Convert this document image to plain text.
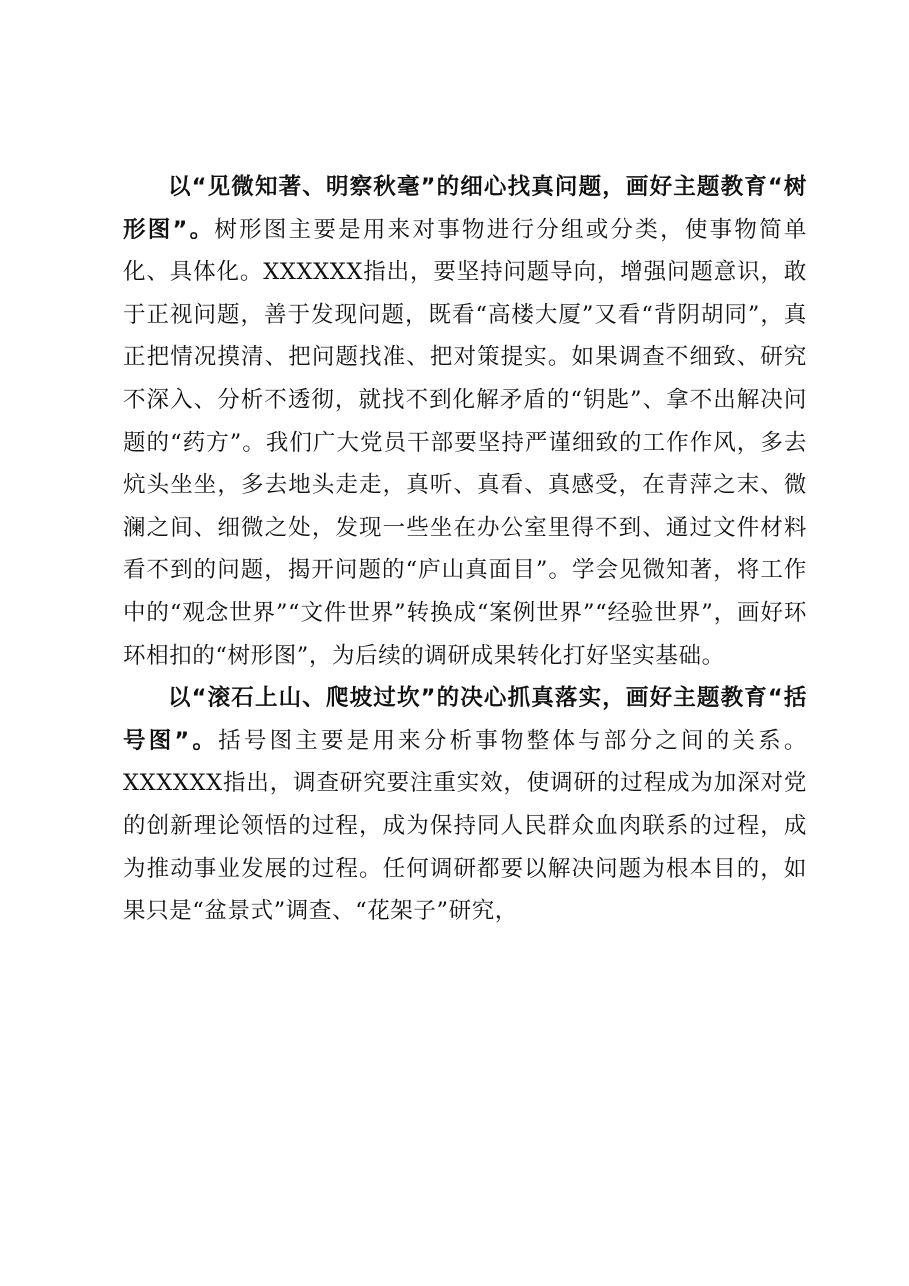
以“见微知著、明察秋毫”的细心找真问题，画好主题教育“树形图”。树形图主要是用来对事物进行分组或分类，使事物简单化、具体化。XXXXXX指出，要坚持问题导向，增强问题意识，敢于正视问题，善于发现问题，既看“高楼大厦”又看“背阴胡同”，真正把情况摸清、把问题找准、把对策提实。如果调查不细致、研究不深入、分析不透彻，就找不到化解矛盾的“钥匙”、拿不出解决问题的“药方”。我们广大党员干部要坚持严谨细致的工作作风，多去炕头坐坐，多去地头走走，真听、真看、真感受，在青萍之末、微澜之间、细微之处，发现一些坐在办公室里得不到、通过文件材料看不到的问题，揭开问题的“庐山真面目”。学会见微知著，将工作中的“观念世界”“文件世界”转换成“案例世界”“经验世界”，画好环环相扣的“树形图”，为后续的调研成果转化打好坚实基础。

以“滚石上山、爬坡过坎”的决心抓真落实，画好主题教育“括号图”。括号图主要是用来分析事物整体与部分之间的关系。XXXXXX指出，调查研究要注重实效，使调研的过程成为加深对党的创新理论领悟的过程，成为保持同人民群众血肉联系的过程，成为推动事业发展的过程。任何调研都要以解决问题为根本目的，如果只是“盆景式”调查、“花架子”研究，
